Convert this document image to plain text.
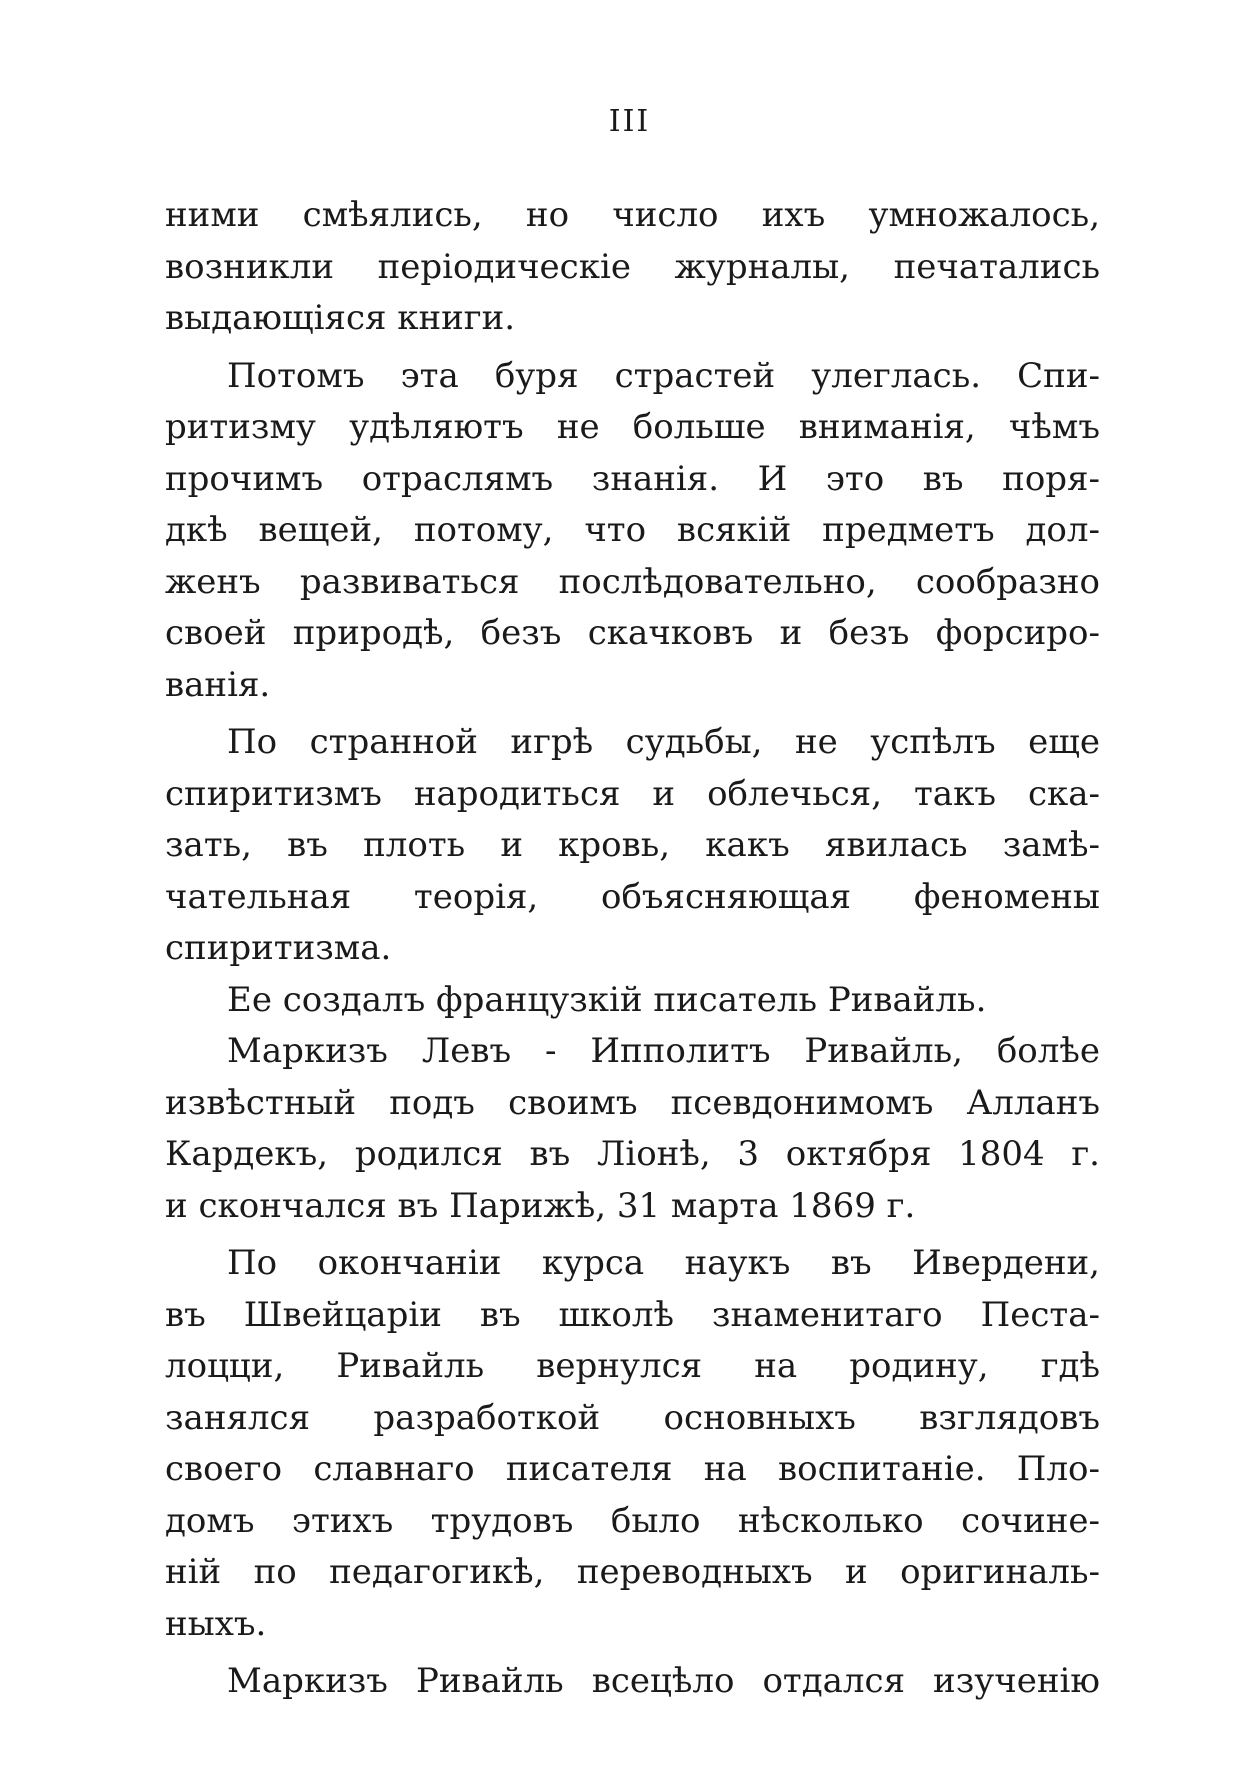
III
ними смѣялись, но число ихъ умножалось,
возникли періодическіе журналы, печатались
выдающіяся книги.
Потомъ эта буря страстей улеглась. Спи-
ритизму удѣляютъ не больше вниманія, чѣмъ
прочимъ отраслямъ знанія. И это въ поря-
дкѣ вещей, потому, что всякій предметъ дол-
женъ развиваться послѣдовательно, сообразно
своей природѣ, безъ скачковъ и безъ форсиро-
ванія.
По странной игрѣ судьбы, не успѣлъ еще
спиритизмъ народиться и облечься, такъ ска-
зать, въ плоть и кровь, какъ явилась замѣ-
чательная теорія, объясняющая феномены
спиритизма.
Ее создалъ французкій писатель Ривайль.
Маркизъ Левъ - Ипполитъ Ривайль, болѣе
извѣстный подъ своимъ псевдонимомъ Алланъ
Кардекъ, родился въ Ліонѣ, 3 октября 1804 г.
и скончался въ Парижѣ, 31 марта 1869 г.
По окончаніи курса наукъ въ Ивердени,
въ Швейцаріи въ школѣ знаменитаго Песта-
лоцци, Ривайль вернулся на родину, гдѣ
занялся разработкой основныхъ взглядовъ
своего славнаго писателя на воспитаніе. Пло-
домъ этихъ трудовъ было нѣсколько сочине-
ній по педагогикѣ, переводныхъ и оригиналь-
ныхъ.
Маркизъ Ривайль всецѣло отдался изученію
